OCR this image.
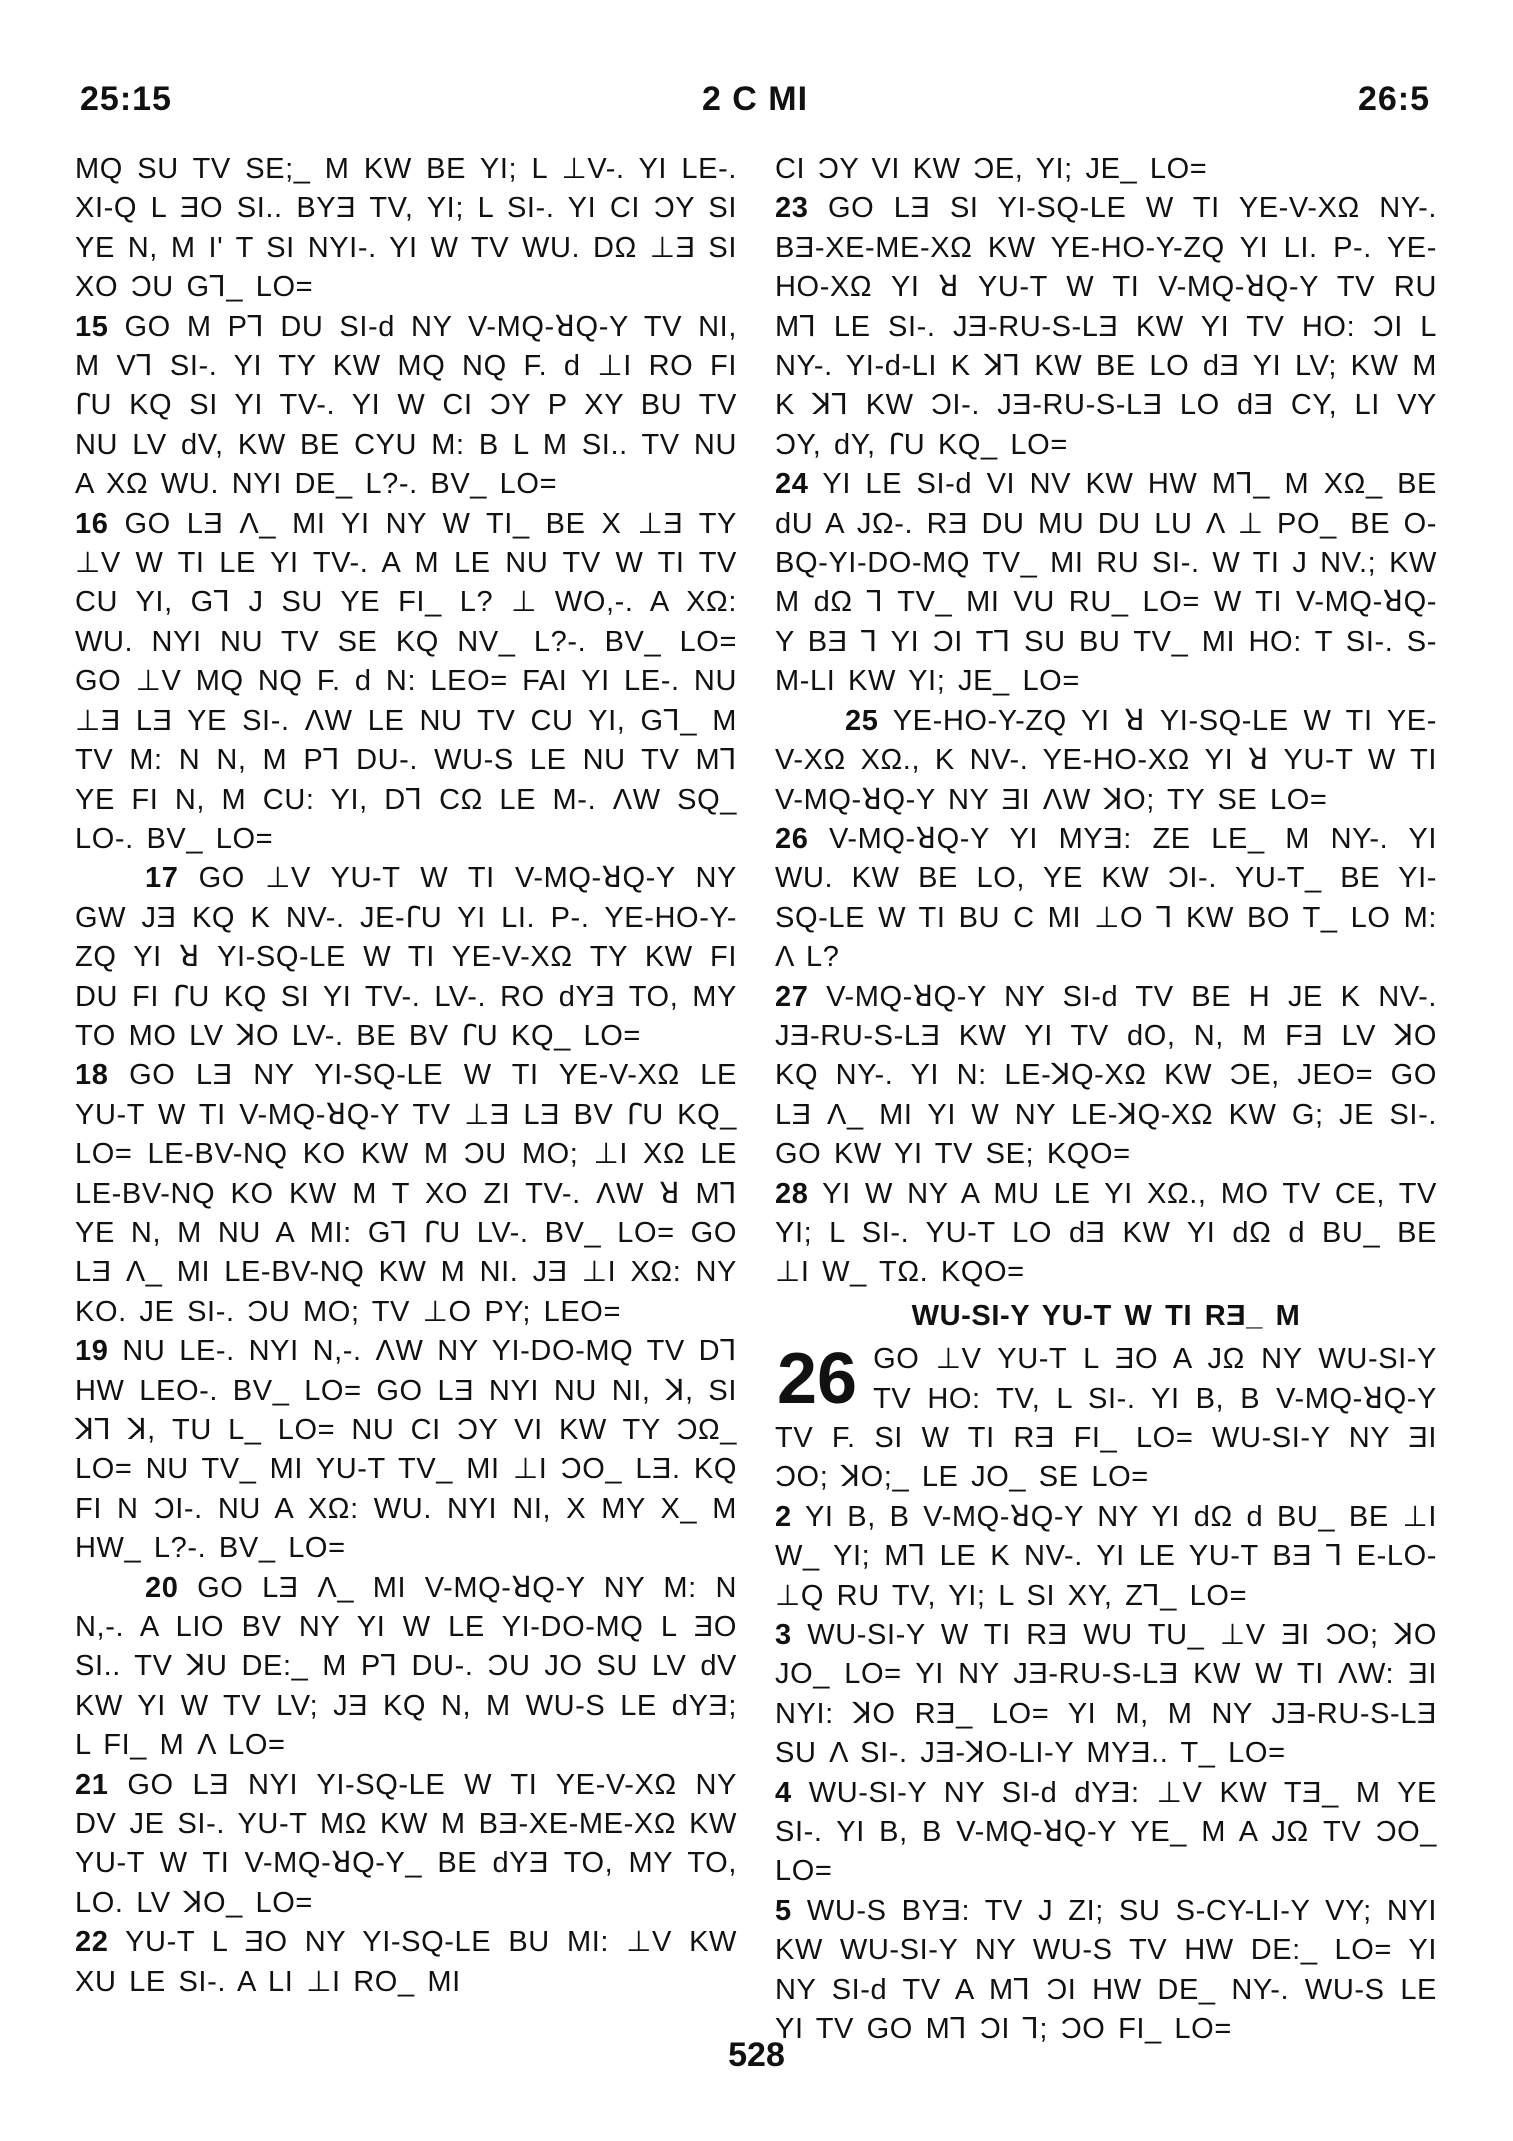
25:15	2 C MI	26:5

MQ SU TV SE;_ M KW BE YI; L ⊥V-. YI LE-. XI-Q L ƎO SI.. BYƎ TV, YI; L SI-. YI CI ƆY SI YE N, M I' T SI NYI-. YI W TV WU. DΩ ⊥Ǝ SI XO ƆU G⅂_ LO=

15 GO M P⅂ DU SI-d NY V-MQ-ꓤQ-Y TV NI, M V⅂ SI-. YI TY KW MQ NQ F. d ⊥I RO FI ꓩU KQ SI YI TV-. YI W CI ƆY P XY BU TV NU LV dV, KW BE CYU M: B L M SI.. TV NU A XΩ WU. NYI DE_ L?-. BV_ LO=

16 GO LƎ Λ_ MI YI NY W TI_ BE X ⊥Ǝ TY ⊥V W TI LE YI TV-. A M LE NU TV W TI TV CU YI, G⅂ J SU YE FI_ L? ⊥ WO,-. A XΩ: WU. NYI NU TV SE KQ NV_ L?-. BV_ LO= GO ⊥V MQ NQ F. d N: LEO= FAI YI LE-. NU ⊥Ǝ LƎ YE SI-. ΛW LE NU TV CU YI, G⅂_ M TV M: N N, M P⅂ DU-. WU-S LE NU TV M⅂ YE FI N, M CU: YI, D⅂ CΩ LE M-. ΛW SQ_ LO-. BV_ LO=

17 GO ⊥V YU-T W TI V-MQ-ꓤQ-Y NY GW JƎ KQ K NV-. JE-ꓩU YI LI. P-. YE-HO-Y-ZQ YI ꓤ YI-SQ-LE W TI YE-V-XΩ TY KW FI DU FI ꓩU KQ SI YI TV-. LV-. RO dYƎ TO, MY TO MO LV ꓘO LV-. BE BV ꓩU KQ_ LO=

18 GO LƎ NY YI-SQ-LE W TI YE-V-XΩ LE YU-T W TI V-MQ-ꓤQ-Y TV ⊥Ǝ LƎ BV ꓩU KQ_ LO= LE-BV-NQ KO KW M ƆU MO; ⊥I XΩ LE LE-BV-NQ KO KW M T XO ZI TV-. ΛW ꓤ M⅂ YE N, M NU A MI: G⅂ ꓩU LV-. BV_ LO= GO LƎ Λ_ MI LE-BV-NQ KW M NI. JƎ ⊥I XΩ: NY KO. JE SI-. ƆU MO; TV ⊥O PY; LEO=

19 NU LE-. NYI N,-. ΛW NY YI-DO-MQ TV D⅂ HW LEO-. BV_ LO= GO LƎ NYI NU NI, ꓘ, SI ꓘ⅂ ꓘ, TU L_ LO= NU CI ƆY VI KW TY ƆΩ_ LO= NU TV_ MI YU-T TV_ MI ⊥I ƆO_ LƎ. KQ FI N ƆI-. NU A XΩ: WU. NYI NI, X MY X_ M HW_ L?-. BV_ LO=

20 GO LƎ Λ_ MI V-MQ-ꓤQ-Y NY M: N N,-. A LIO BV NY YI W LE YI-DO-MQ L ƎO SI.. TV ꓘU DE:_ M P⅂ DU-. ƆU JO SU LV dV KW YI W TV LV; JƎ KQ N, M WU-S LE dYƎ; L FI_ M Λ LO=

21 GO LƎ NYI YI-SQ-LE W TI YE-V-XΩ NY DV JE SI-. YU-T MΩ KW M BƎ-XE-ME-XΩ KW YU-T W TI V-MQ-ꓤQ-Y_ BE dYƎ TO, MY TO, LO. LV ꓘO_ LO=

22 YU-T L ƎO NY YI-SQ-LE BU MI: ⊥V KW XU LE SI-. A LI ⊥I RO_ MI

CI ƆY VI KW ƆE, YI; JE_ LO=

23 GO LƎ SI YI-SQ-LE W TI YE-V-XΩ NY-. BƎ-XE-ME-XΩ KW YE-HO-Y-ZQ YI LI. P-. YE-HO-XΩ YI ꓤ YU-T W TI V-MQ-ꓤQ-Y TV RU M⅂ LE SI-. JƎ-RU-S-LƎ KW YI TV HO: ƆI L NY-. YI-d-LI K ꓘ⅂ KW BE LO dƎ YI LV; KW M K ꓘ⅂ KW ƆI-. JƎ-RU-S-LƎ LO dƎ CY, LI VY ƆY, dY, ꓩU KQ_ LO=

24 YI LE SI-d VI NV KW HW M⅂_ M XΩ_ BE dU A JΩ-. RƎ DU MU DU LU Λ ⊥ PO_ BE O-BQ-YI-DO-MQ TV_ MI RU SI-. W TI J NV.; KW M dΩ ⅂ TV_ MI VU RU_ LO= W TI V-MQ-ꓤQ-Y BƎ ⅂ YI ƆI T⅂ SU BU TV_ MI HO: T SI-. S-M-LI KW YI; JE_ LO=

25 YE-HO-Y-ZQ YI ꓤ YI-SQ-LE W TI YE-V-XΩ XΩ., K NV-. YE-HO-XΩ YI ꓤ YU-T W TI V-MQ-ꓤQ-Y NY ƎI ΛW ꓘO; TY SE LO=

26 V-MQ-ꓤQ-Y YI MYƎ: ZE LE_ M NY-. YI WU. KW BE LO, YE KW ƆI-. YU-T_ BE YI-SQ-LE W TI BU C MI ⊥O ⅂ KW BO T_ LO M: Λ L?

27 V-MQ-ꓤQ-Y NY SI-d TV BE H JE K NV-. JƎ-RU-S-LƎ KW YI TV dO, N, M FƎ LV ꓘO KQ NY-. YI N: LE-ꓘQ-XΩ KW ƆE, JEO= GO LƎ Λ_ MI YI W NY LE-ꓘQ-XΩ KW G; JE SI-. GO KW YI TV SE; KQO=

28 YI W NY A MU LE YI XΩ., MO TV CE, TV YI; L SI-. YU-T LO dƎ KW YI dΩ d BU_ BE ⊥I W_ TΩ. KQO=

WU-SI-Y YU-T W TI RƎ_ M
26 GO ⊥V YU-T L ƎO A JΩ NY WU-SI-Y TV HO: TV, L SI-. YI B, B V-MQ-ꓤQ-Y TV F. SI W TI RƎ FI_ LO= WU-SI-Y NY ƎI ƆO; ꓘO;_ LE JO_ SE LO=

2 YI B, B V-MQ-ꓤQ-Y NY YI dΩ d BU_ BE ⊥I W_ YI; M⅂ LE K NV-. YI LE YU-T BƎ ⅂ E-LO-⊥Q RU TV, YI; L SI XY, Z⅂_ LO=

3 WU-SI-Y W TI RƎ WU TU_ ⊥V ƎI ƆO; ꓘO JO_ LO= YI NY JƎ-RU-S-LƎ KW W TI ΛW: ƎI NYI: ꓘO RƎ_ LO= YI M, M NY JƎ-RU-S-LƎ SU Λ SI-. JƎ-ꓘO-LI-Y MYƎ.. T_ LO=

4 WU-SI-Y NY SI-d dYƎ: ⊥V KW TƎ_ M YE SI-. YI B, B V-MQ-ꓤQ-Y YE_ M A JΩ TV ƆO_ LO=

5 WU-S BYƎ: TV J ZI; SU S-CY-LI-Y VY; NYI KW WU-SI-Y NY WU-S TV HW DE:_ LO= YI NY SI-d TV A M⅂ ƆI HW DE_ NY-. WU-S LE YI TV GO M⅂ ƆI ⅂; ƆO FI_ LO=

528
